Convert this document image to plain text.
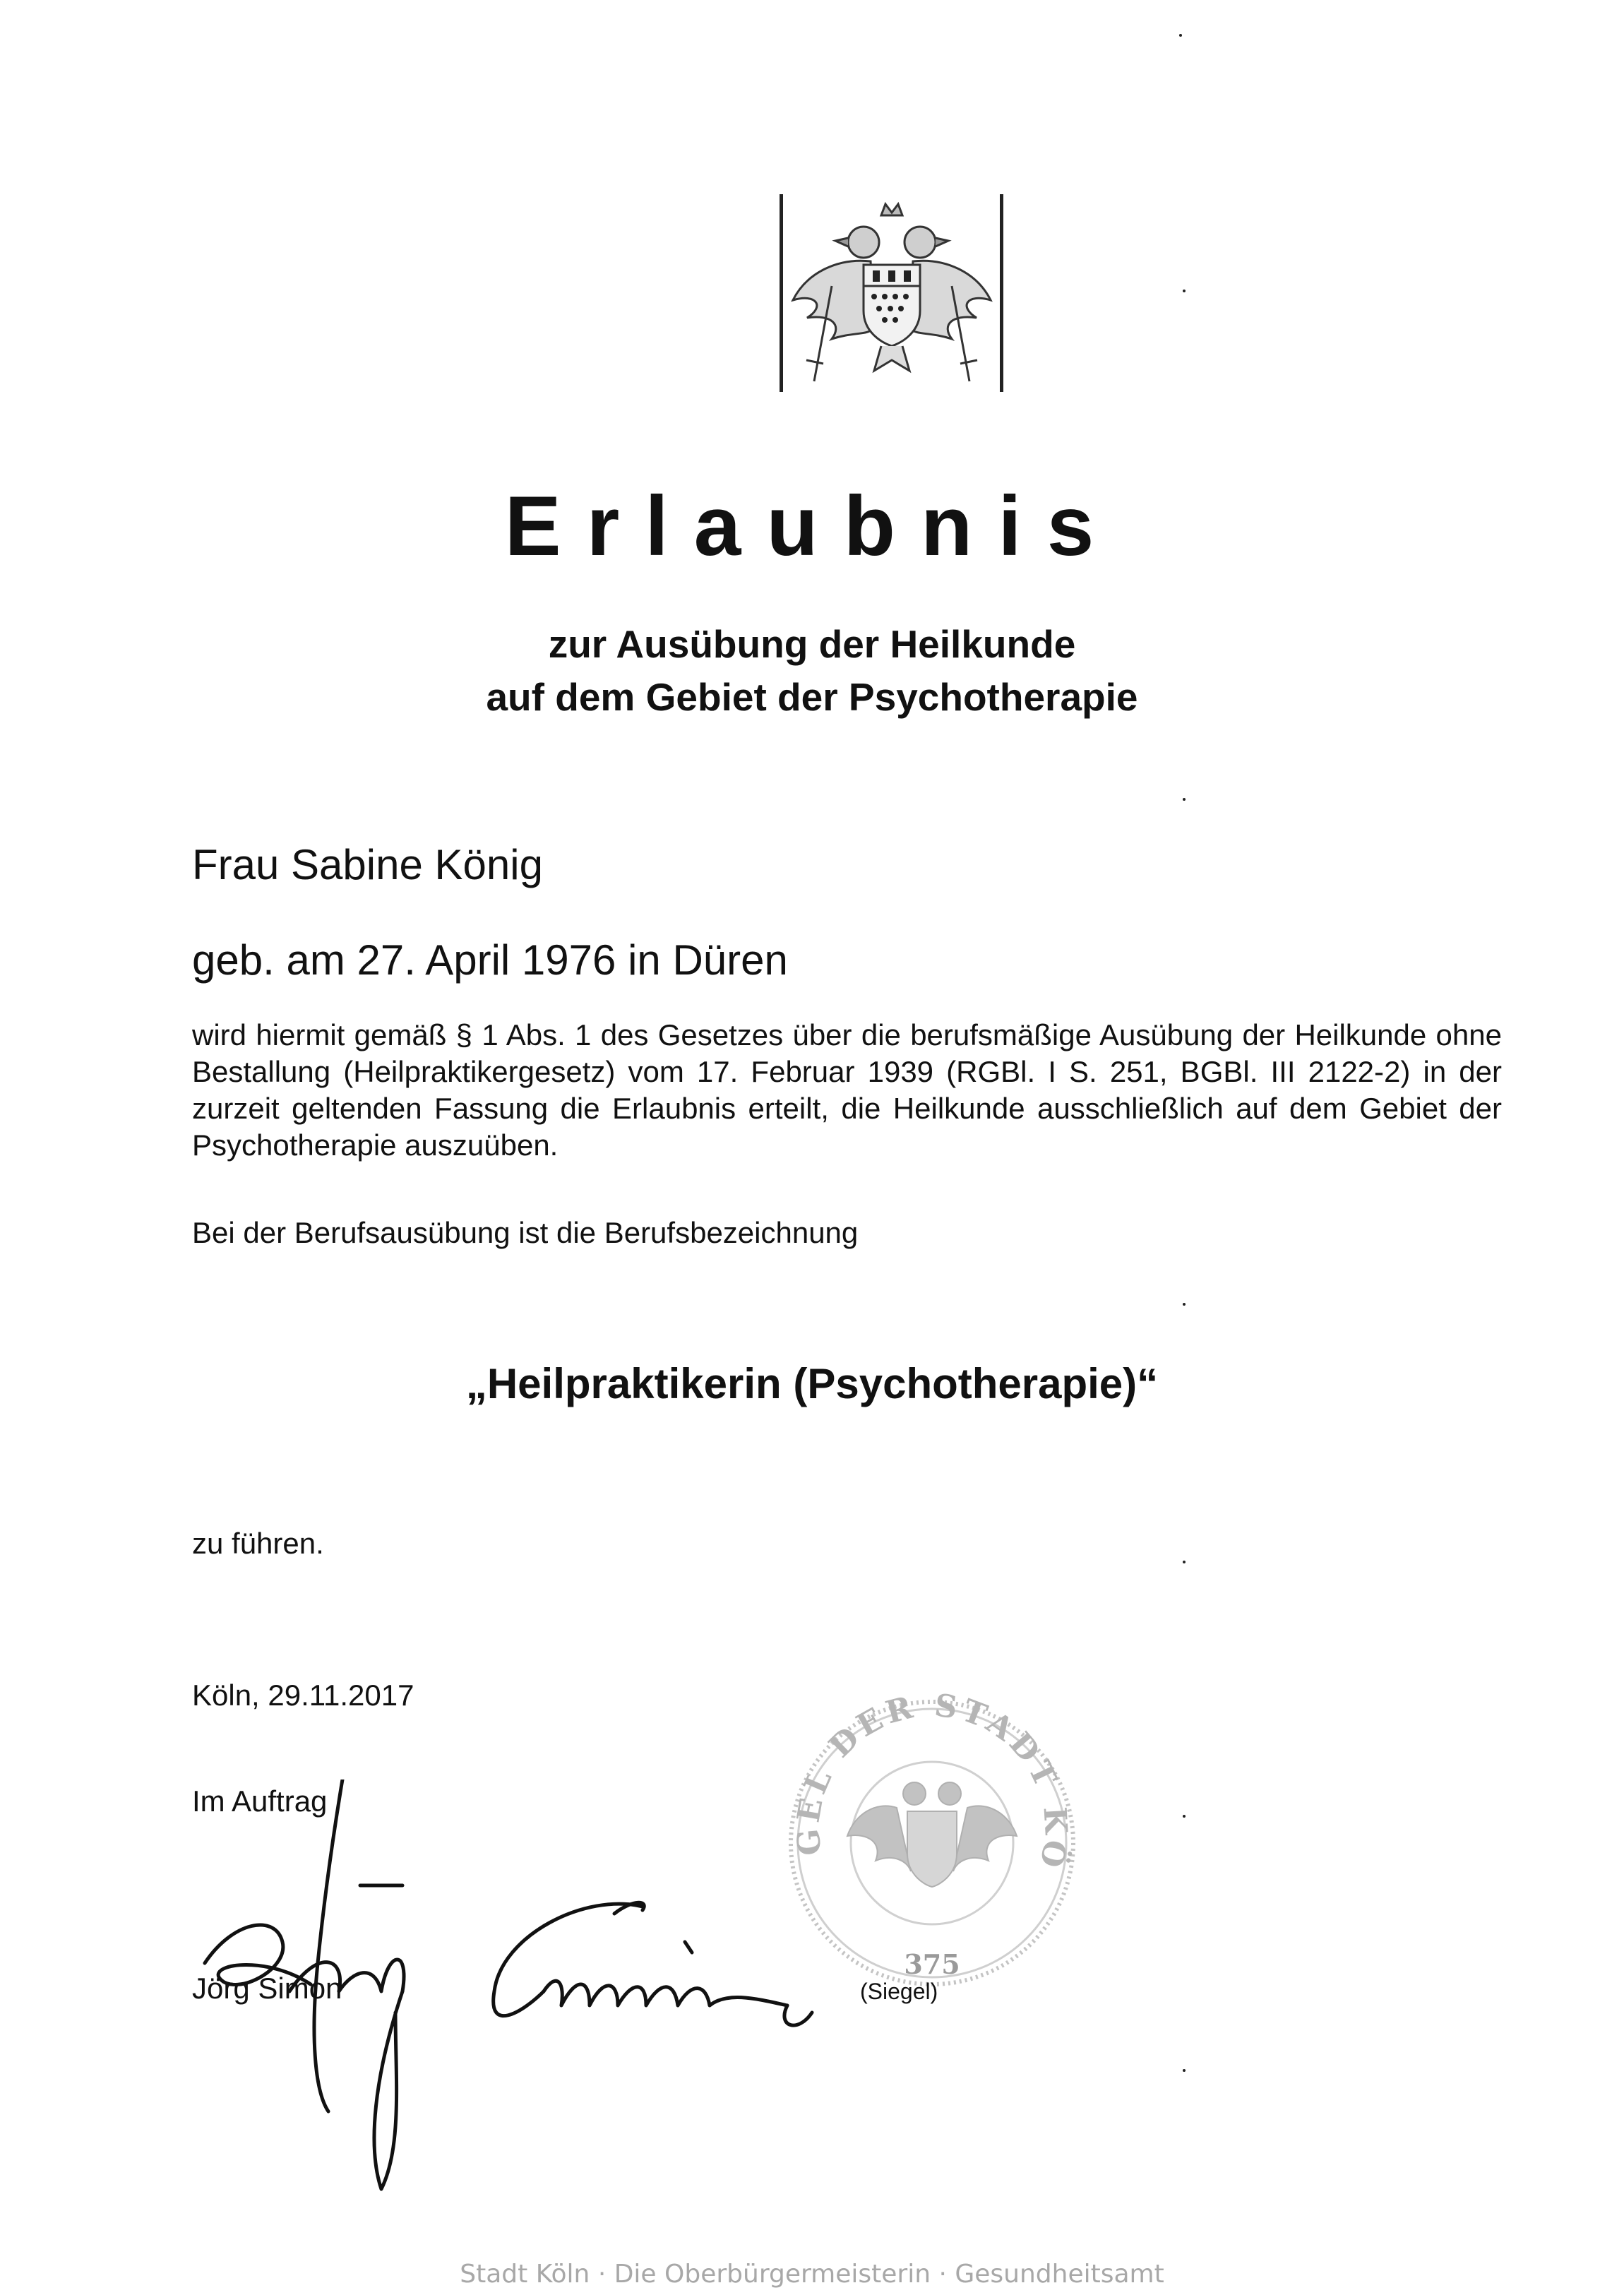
Erlaubnis
zur Ausübung der Heilkunde
auf dem Gebiet der Psychotherapie
Frau Sabine König
geb. am 27. April 1976 in Düren
wird hiermit gemäß § 1 Abs. 1 des Gesetzes über die berufsmäßige Ausübung der Heilkunde ohne Bestallung (Heilpraktikergesetz) vom 17. Februar 1939 (RGBl. I S. 251, BGBl. III 2122-2) in der zurzeit geltenden Fassung die Erlaubnis erteilt, die Heilkunde ausschließlich auf dem Gebiet der Psychotherapie auszuüben.
Bei der Berufsausübung ist die Berufsbezeichnung
„Heilpraktikerin (Psychotherapie)“
zu führen.
Köln, 29.11.2017
Im Auftrag
Jörg Simon
GEL DER STADT KÖ
375
(Siegel)
Stadt Köln · Die Oberbürgermeisterin · Gesundheitsamt
